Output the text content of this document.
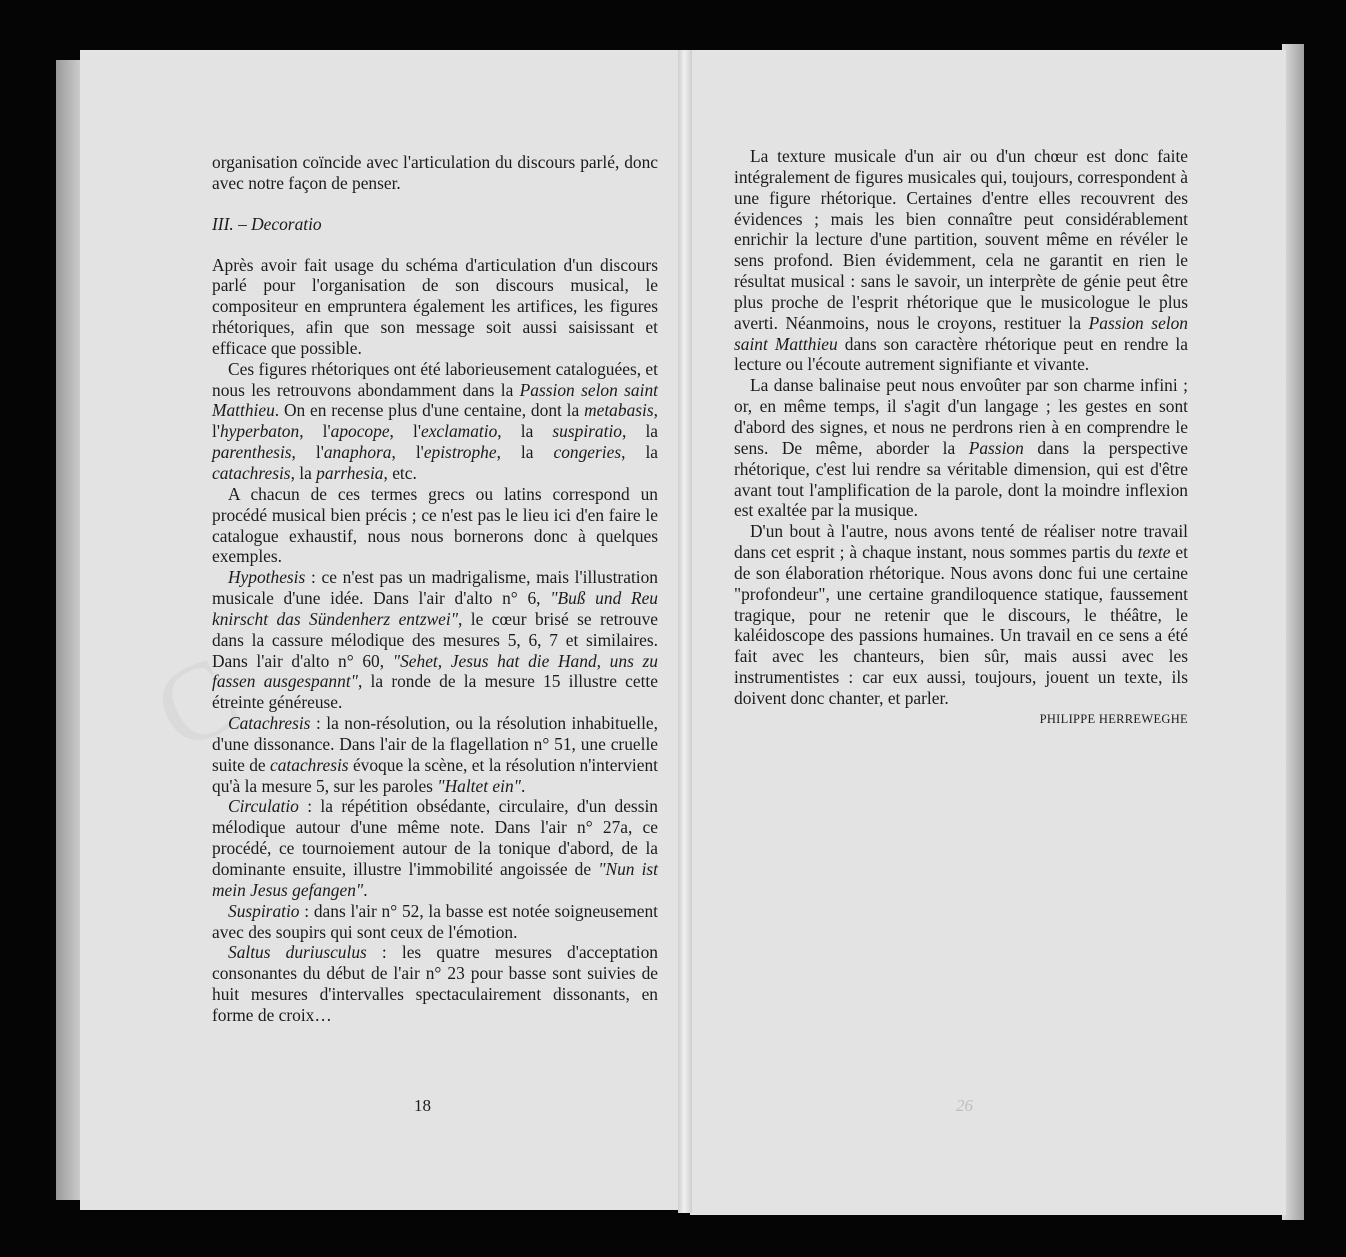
organisation coïncide avec l'articulation du discours parlé, donc avec notre façon de penser.

III. – Decoratio

Après avoir fait usage du schéma d'articulation d'un discours parlé pour l'organisation de son discours musical, le compositeur en empruntera également les artifices, les figures rhétoriques, afin que son message soit aussi saisissant et efficace que possible.

Ces figures rhétoriques ont été laborieusement cataloguées, et nous les retrouvons abondamment dans la Passion selon saint Matthieu. On en recense plus d'une centaine, dont la metabasis, l'hyperbaton, l'apocope, l'exclamatio, la suspiratio, la parenthesis, l'anaphora, l'epistrophe, la congeries, la catachresis, la parrhesia, etc.

A chacun de ces termes grecs ou latins correspond un procédé musical bien précis ; ce n'est pas le lieu ici d'en faire le catalogue exhaustif, nous nous bornerons donc à quelques exemples.

Hypothesis : ce n'est pas un madrigalisme, mais l'illustration musicale d'une idée. Dans l'air d'alto n° 6, "Buß und Reu knirscht das Sündenherz entzwei", le cœur brisé se retrouve dans la cassure mélodique des mesures 5, 6, 7 et similaires. Dans l'air d'alto n° 60, "Sehet, Jesus hat die Hand, uns zu fassen ausgespannt", la ronde de la mesure 15 illustre cette étreinte généreuse.

Catachresis : la non-résolution, ou la résolution inhabituelle, d'une dissonance. Dans l'air de la flagellation n° 51, une cruelle suite de catachresis évoque la scène, et la résolution n'intervient qu'à la mesure 5, sur les paroles "Haltet ein".

Circulatio : la répétition obsédante, circulaire, d'un dessin mélodique autour d'une même note. Dans l'air n° 27a, ce procédé, ce tournoiement autour de la tonique d'abord, de la dominante ensuite, illustre l'immobilité angoissée de "Nun ist mein Jesus gefangen".

Suspiratio : dans l'air n° 52, la basse est notée soigneusement avec des soupirs qui sont ceux de l'émotion.

Saltus duriusculus : les quatre mesures d'acceptation consonantes du début de l'air n° 23 pour basse sont suivies de huit mesures d'intervalles spectaculairement dissonants, en forme de croix…

18

La texture musicale d'un air ou d'un chœur est donc faite intégralement de figures musicales qui, toujours, correspondent à une figure rhétorique. Certaines d'entre elles recouvrent des évidences ; mais les bien connaître peut considérablement enrichir la lecture d'une partition, souvent même en révéler le sens profond. Bien évidemment, cela ne garantit en rien le résultat musical : sans le savoir, un interprète de génie peut être plus proche de l'esprit rhétorique que le musicologue le plus averti. Néanmoins, nous le croyons, restituer la Passion selon saint Matthieu dans son caractère rhétorique peut en rendre la lecture ou l'écoute autrement signifiante et vivante.

La danse balinaise peut nous envoûter par son charme infini ; or, en même temps, il s'agit d'un langage ; les gestes en sont d'abord des signes, et nous ne perdrons rien à en comprendre le sens. De même, aborder la Passion dans la perspective rhétorique, c'est lui rendre sa véritable dimension, qui est d'être avant tout l'amplification de la parole, dont la moindre inflexion est exaltée par la musique.

D'un bout à l'autre, nous avons tenté de réaliser notre travail dans cet esprit ; à chaque instant, nous sommes partis du texte et de son élaboration rhétorique. Nous avons donc fui une certaine "profondeur", une certaine grandiloquence statique, faussement tragique, pour ne retenir que le discours, le théâtre, le kaléidoscope des passions humaines. Un travail en ce sens a été fait avec les chanteurs, bien sûr, mais aussi avec les instrumentistes : car eux aussi, toujours, jouent un texte, ils doivent donc chanter, et parler.

PHILIPPE HERREWEGHE

26
